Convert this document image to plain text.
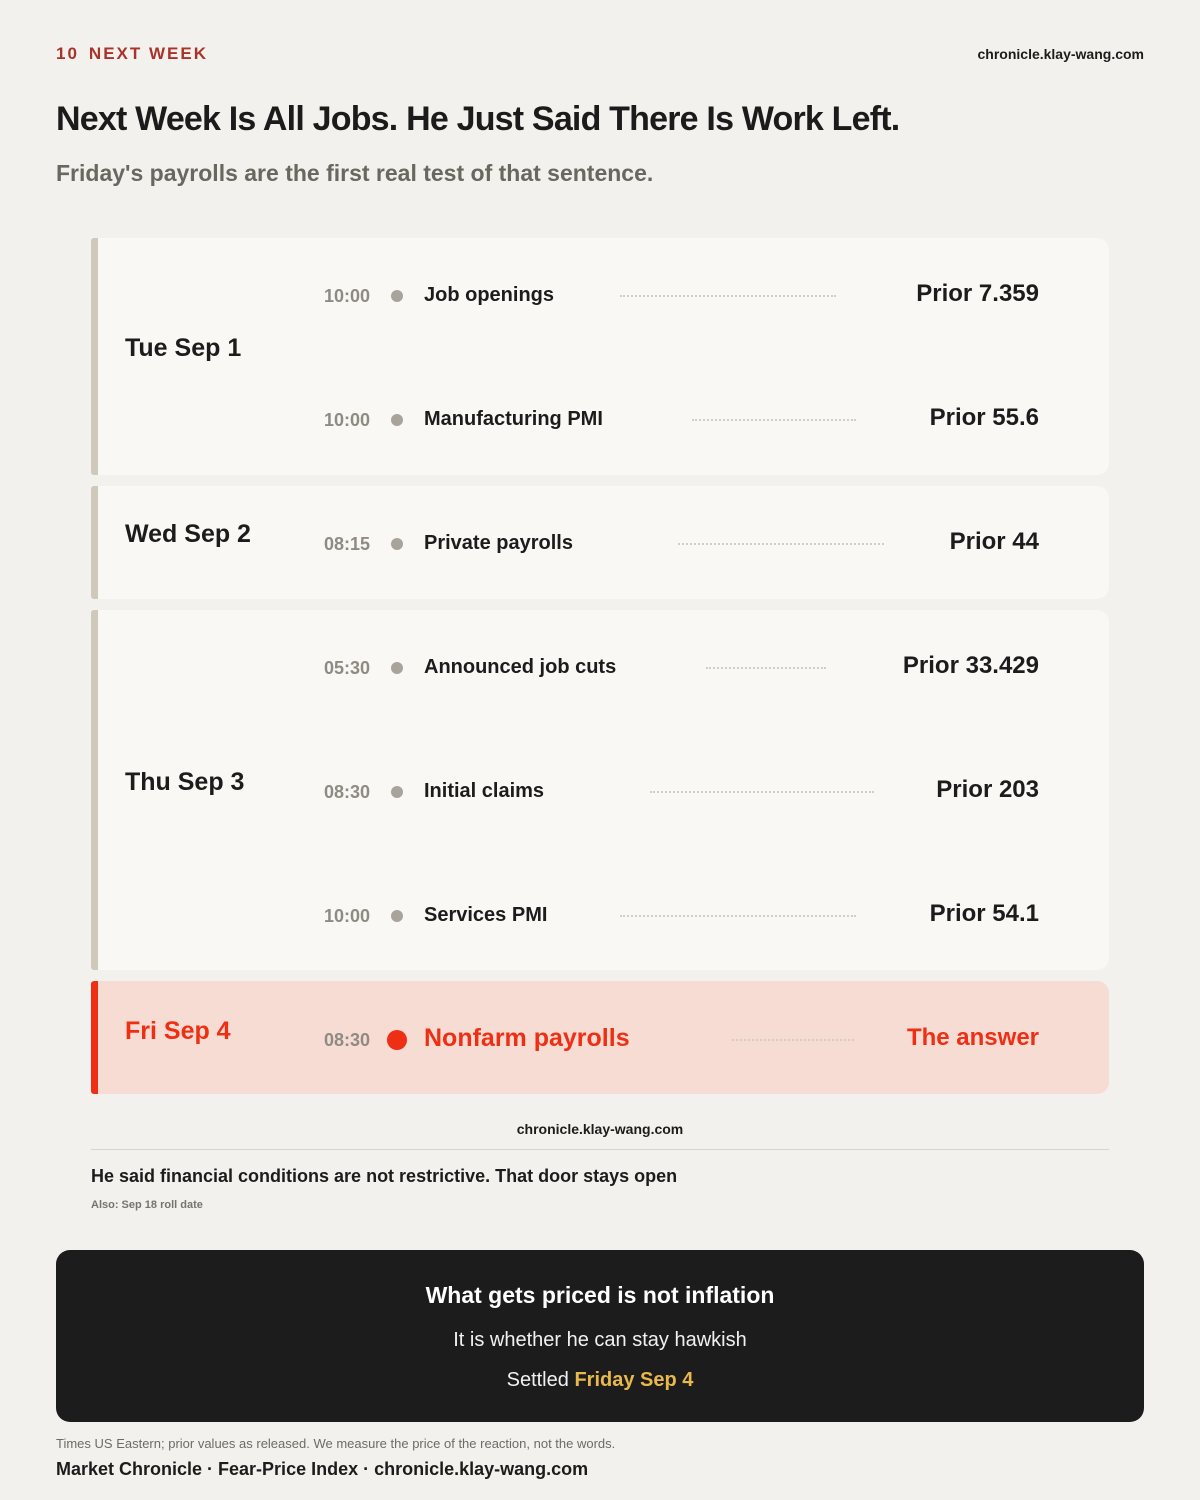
10 NEXT WEEK	chronicle.klay-wang.com
Next Week Is All Jobs. He Just Said There Is Work Left.
Friday's payrolls are the first real test of that sentence.
Tue Sep 1
10:00	Job openings	Prior 7.359
10:00	Manufacturing PMI	Prior 55.6
Wed Sep 2	08:15	Private payrolls	Prior 44
Thu Sep 3
05:30	Announced job cuts	Prior 33.429
08:30	Initial claims	Prior 203
10:00	Services PMI	Prior 54.1
Fri Sep 4	08:30 Nonfarm payrolls	The answer
chronicle.klay-wang.com
He said financial conditions are not restrictive. That door stays open
Also: Sep 18 roll date
What gets priced is not inflation
It is whether he can stay hawkish
Settled Friday Sep 4
Times US Eastern; prior values as released. We measure the price of the reaction, not the words.
Market Chronicle · Fear-Price Index · chronicle.klay-wang.com
